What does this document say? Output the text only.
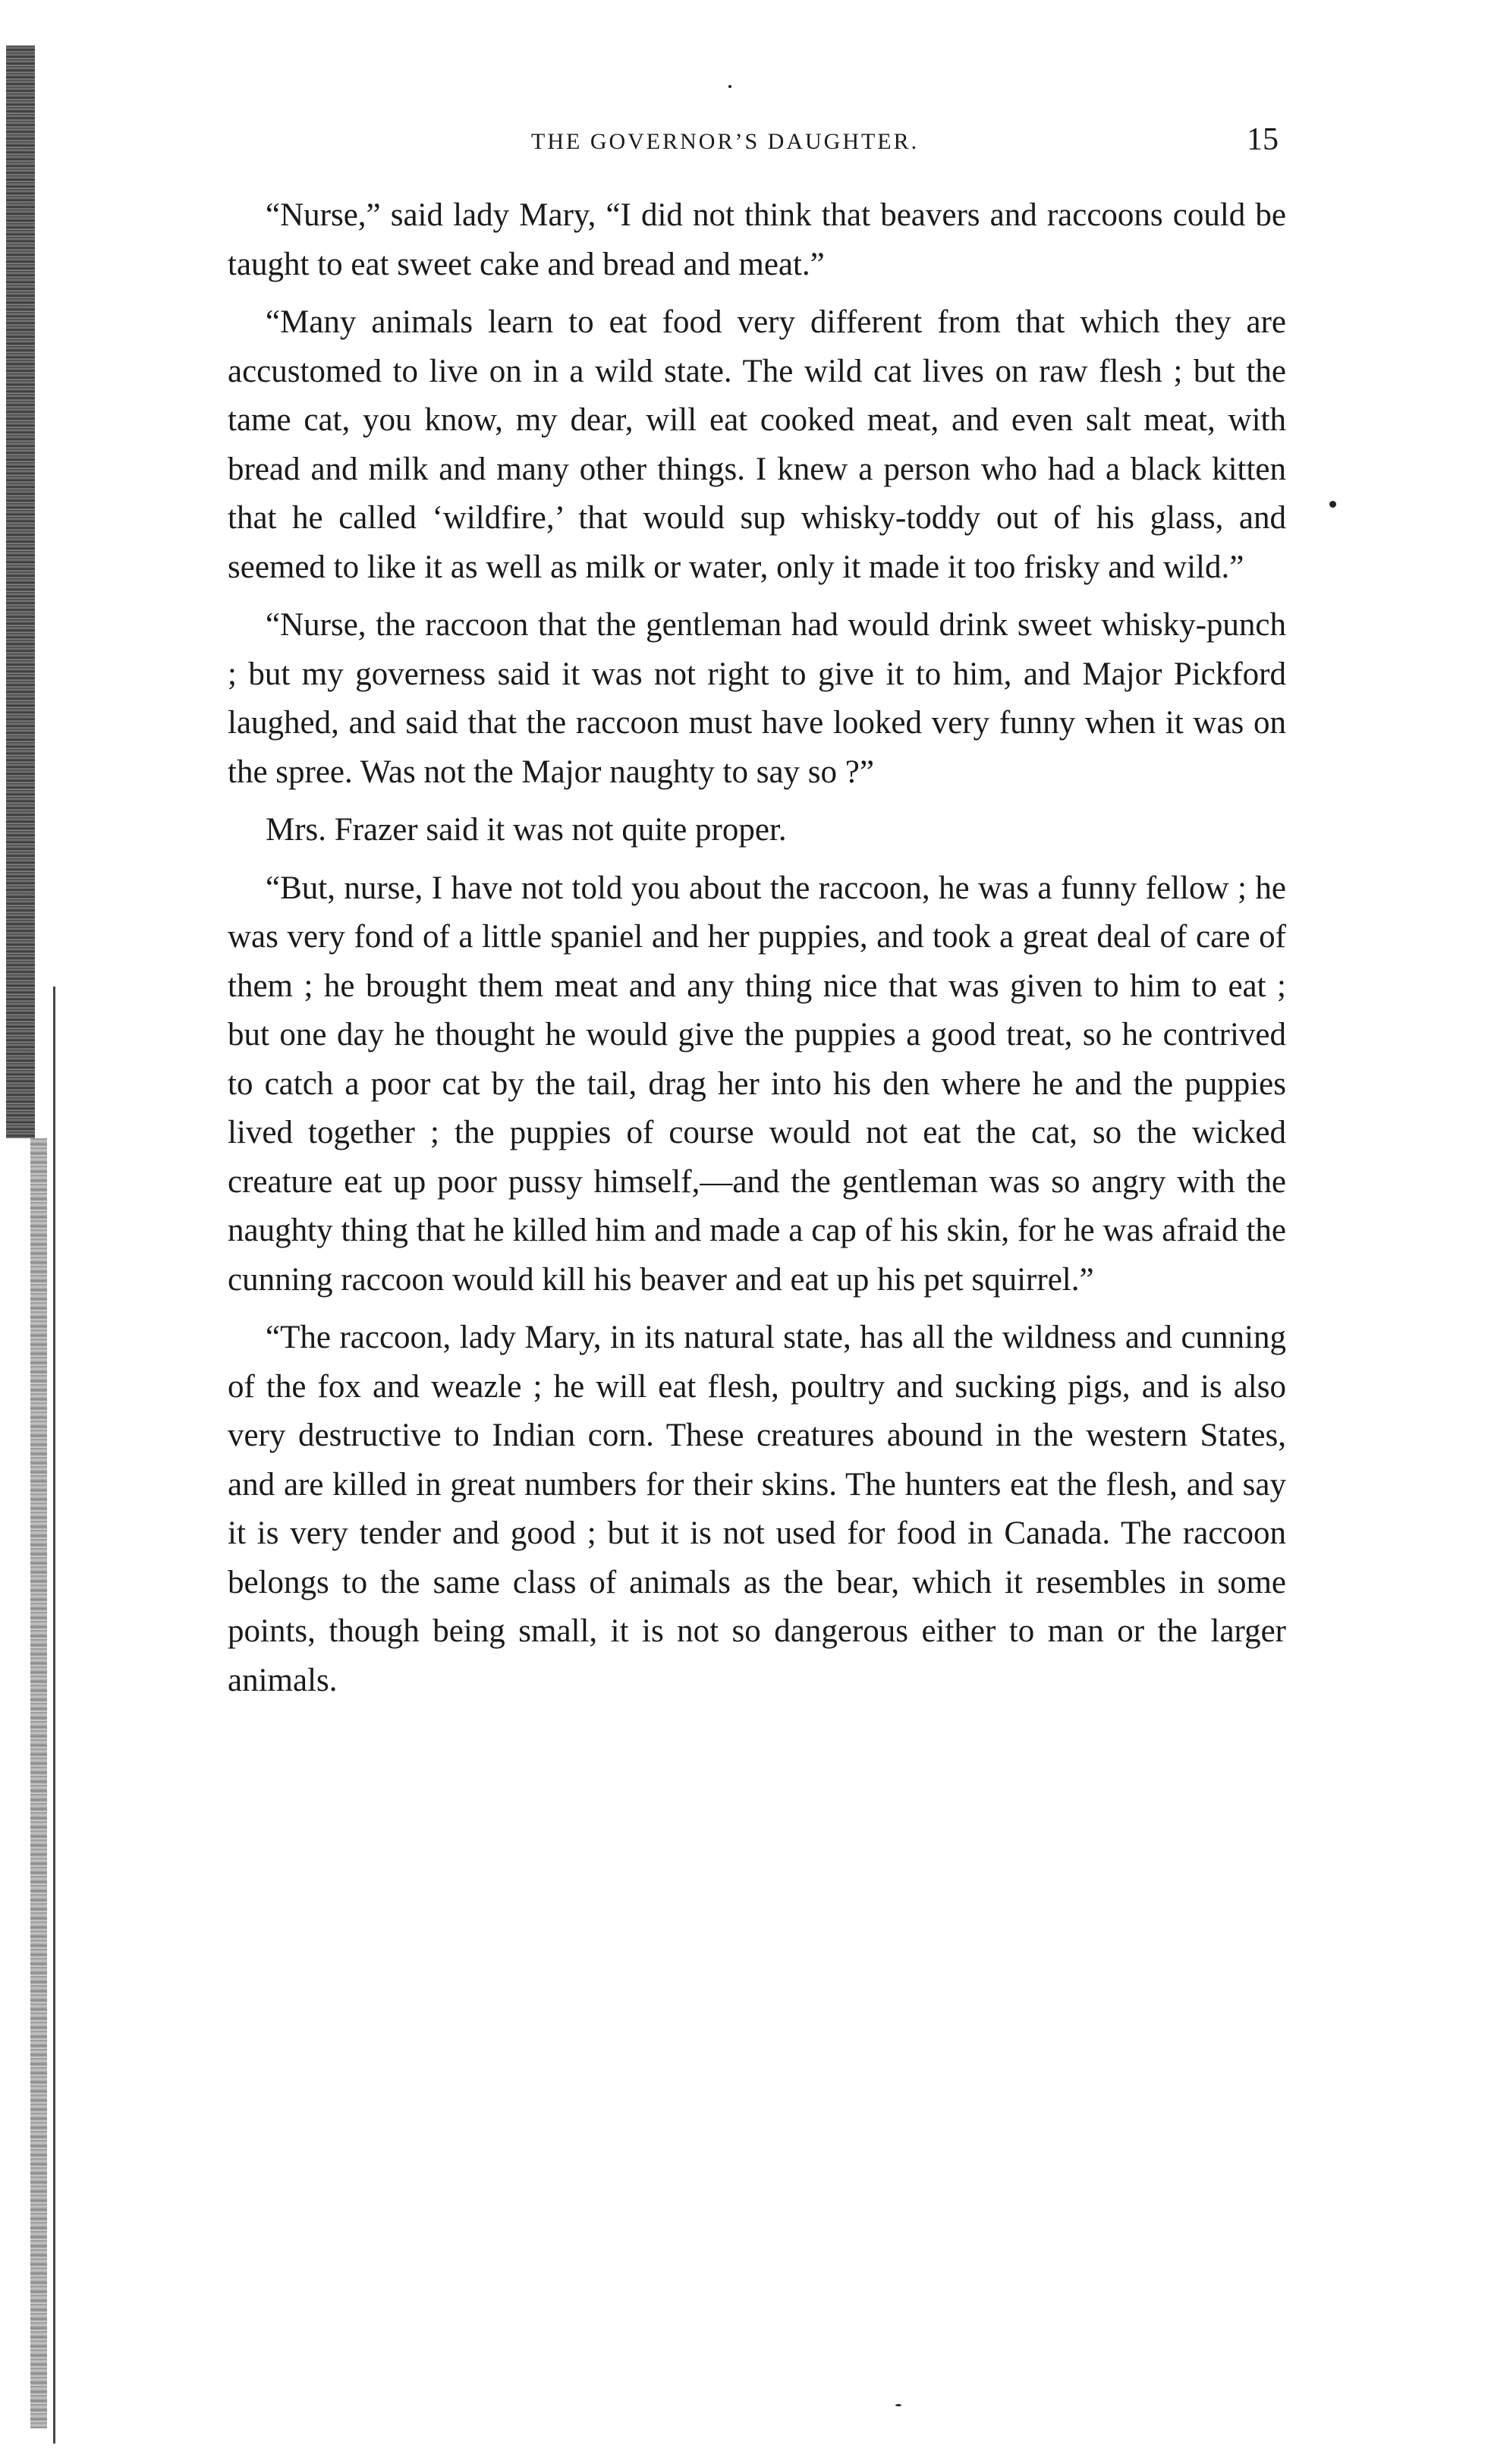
THE GOVERNOR’S DAUGHTER.	15

“Nurse,” said lady Mary, “I did not think that beavers and raccoons could be taught to eat sweet cake and bread and meat.”

“Many animals learn to eat food very different from that which they are accustomed to live on in a wild state. The wild cat lives on raw flesh ; but the tame cat, you know, my dear, will eat cooked meat, and even salt meat, with bread and milk and many other things. I knew a person who had a black kitten that he called ‘wildfire,’ that would sup whisky-toddy out of his glass, and seemed to like it as well as milk or water, only it made it too frisky and wild.”

“Nurse, the raccoon that the gentleman had would drink sweet whisky-punch ; but my governess said it was not right to give it to him, and Major Pickford laughed, and said that the raccoon must have looked very funny when it was on the spree. Was not the Major naughty to say so ?”

Mrs. Frazer said it was not quite proper.

“But, nurse, I have not told you about the raccoon, he was a funny fellow ; he was very fond of a little spaniel and her puppies, and took a great deal of care of them ; he brought them meat and any thing nice that was given to him to eat ; but one day he thought he would give the puppies a good treat, so he contrived to catch a poor cat by the tail, drag her into his den where he and the puppies lived together ; the puppies of course would not eat the cat, so the wicked creature eat up poor pussy himself,—and the gentleman was so angry with the naughty thing that he killed him and made a cap of his skin, for he was afraid the cunning raccoon would kill his beaver and eat up his pet squirrel.”

“The raccoon, lady Mary, in its natural state, has all the wildness and cunning of the fox and weazle ; he will eat flesh, poultry and sucking pigs, and is also very destructive to Indian corn. These creatures abound in the western States, and are killed in great numbers for their skins. The hunters eat the flesh, and say it is very tender and good ; but it is not used for food in Canada. The raccoon belongs to the same class of animals as the bear, which it resembles in some points, though being small, it is not so dangerous either to man or the larger animals.
